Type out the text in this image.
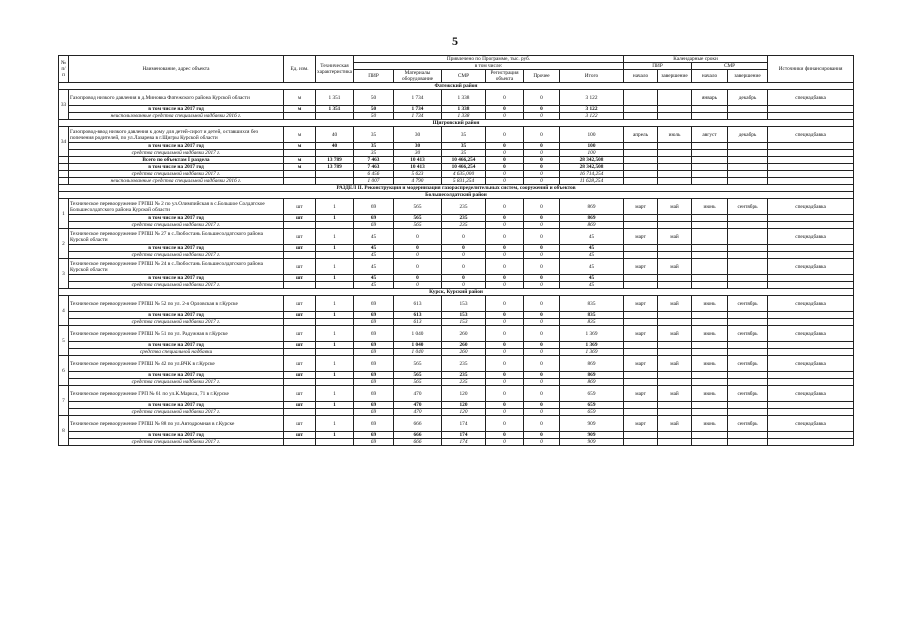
5
№ п/п	Наименование, адрес объекта	Ед. изм.	Техническая характеристика	Привлечено по Программе, тыс. руб.						Календарные сроки				Источники финансирования
				в том числе:						ПИР		СМР		
				ПИР	Материалы оборудование	СМР	Регистрация объекта	Прочее	Итого	начало	завершение	начало	завершение	
Фатежский район														
33	Газопровод низкого давления в д.Миновка Фатежского района Курской области	м	1 351	50	1 734	1 338	0	0	3 122			январь	декабрь	спецнадбавка
	в том числе на 2017 год	м	1 351	50	1 734	1 338	0	0	3 122					
	неиспользованные средства специальной надбавки 2016 г.			50	1 734	1 338	0	0	3 122					
Щигровский район														
34	Газопровод-ввод низкого давления к дому для детей-сирот и детей, оставшихся без попечения родителей, по ул.Лазарева в г.Щигры Курской области	м	40	35	30	35	0	0	100	апрель	июль	август	декабрь	спецнадбавка
	в том числе на 2017 год	м	40	35	30	35	0	0	100					
	средства специальной надбавки 2017 г.			35	30	35	0	0	100					
	Всего по объектам I раздела	м	13 789	7 463	10 413	10 466,254	0	0	28 342,508					
	в том числе на 2017 год	м	13 789	7 463	10 413	10 466,254	0	0	28 342,508					
	средства специальной надбавки 2017 г.			6 456	5 623	4 635,000	0	0	16 714,254					
	неиспользованные средства специальной надбавки 2016 г.			1 007	4 790	5 831,254	0	0	11 628,254					
РАЗДЕЛ II. Реконструкция и модернизация газораспределительных систем, сооружений и объектов														
Большесолдатский район														
1	Техническое перевооружение ГРПШ № 2 по ул.Олимпийская в с.Большое Солдатское Большесолдатского района Курской области	шт	1	69	565	235	0	0	869	март	май	июнь	сентябрь	спецнадбавка
	в том числе на 2017 год	шт	1	69	565	235	0	0	869					
	средства специальной надбавки 2017 г.			69	565	235	0	0	869					
2	Техническое перевооружение ГРПШ № 27 в с.Любостань Большесолдатского района Курской области	шт	1	45	0	0	0	0	45	март	май			спецнадбавка
	в том числе на 2017 год	шт	1	45	0	0	0	0	45					
	средства специальной надбавки 2017 г.			45	0	0	0	0	45					
3	Техническое перевооружение ГРПШ № 24 в с.Любостань Большесолдатского района Курской области	шт	1	45	0	0	0	0	45	март	май			спецнадбавка
	в том числе на 2017 год	шт	1	45	0	0	0	0	45					
	средства специальной надбавки 2017 г.			45	0	0	0	0	45					
Курск, Курский район														
4	Техническое перевооружение ГРПШ № 52 по ул. 2-я Орловская в г.Курске	шт	1	69	613	153	0	0	835	март	май	июнь	сентябрь	спецнадбавка
	в том числе на 2017 год	шт	1	69	613	153	0	0	835					
	средства специальной надбавки 2017 г.			69	613	153	0	0	835					
5	Техническое перевооружение ГРПШ № 51 по ул. Радужная в г.Курске	шт	1	69	1 040	260	0	0	1 369	март	май	июнь	сентябрь	спецнадбавка
	в том числе на 2017 год	шт	1	69	1 040	260	0	0	1 369					
	средства специальной надбавки			69	1 040	260	0	0	1 369					
6	Техническое перевооружение ГРПШ № 42 по ул.ВЧК в г.Курске	шт	1	69	565	235	0	0	869	март	май	июнь	сентябрь	спецнадбавка
	в том числе на 2017 год	шт	1	69	565	235	0	0	869					
	средства специальной надбавки 2017 г.			69	565	235	0	0	869					
7	Техническое перевооружение ГРП № 61 по ул.К.Маркса, 71 в г.Курске	шт	1	69	470	120	0	0	659	март	май	июнь	сентябрь	спецнадбавка
	в том числе на 2017 год	шт	1	69	470	120	0	0	659					
	средства специальной надбавки 2017 г.			69	470	120	0	0	659					
8	Техническое перевооружение ГРПШ № 88 по ул.Автодромная в г.Курске	шт	1	69	666	174	0	0	909	март	май	июнь	сентябрь	спецнадбавка
	в том числе на 2017 год	шт	1	69	666	174	0	0	909					
	средства специальной надбавки 2017 г.			69	666	174	0	0	909					
